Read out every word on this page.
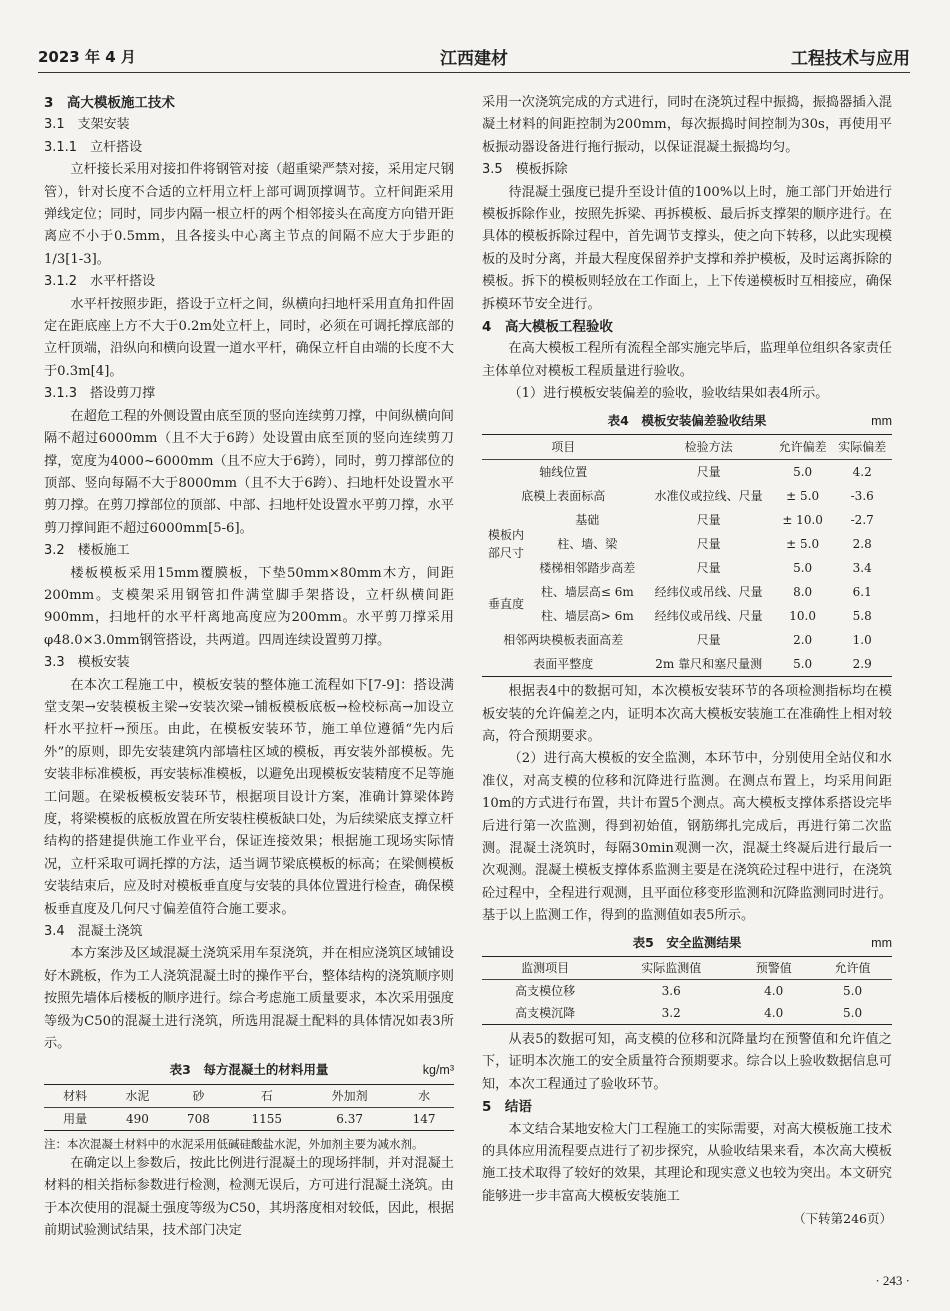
2023 年 4 月	江西建材	工程技术与应用
3　高大模板施工技术
3.1　支架安装
3.1.1　立杆搭设
立杆接长采用对接扣件将钢管对接（超重梁严禁对接，采用定尺钢管），针对长度不合适的立杆用立杆上部可调顶撑调节。立杆间距采用弹线定位；同时，同步内隔一根立杆的两个相邻接头在高度方向错开距离应不小于0.5mm，且各接头中心离主节点的间隔不应大于步距的1/3[1-3]。
3.1.2　水平杆搭设
水平杆按照步距，搭设于立杆之间，纵横向扫地杆采用直角扣件固定在距底座上方不大于0.2m处立杆上，同时，必须在可调托撑底部的立杆顶端，沿纵向和横向设置一道水平杆，确保立杆自由端的长度不大于0.3m[4]。
3.1.3　搭设剪刀撑
在超危工程的外侧设置由底至顶的竖向连续剪刀撑，中间纵横向间隔不超过6000mm（且不大于6跨）处设置由底至顶的竖向连续剪刀撑，宽度为4000~6000mm（且不应大于6跨），同时，剪刀撑部位的顶部、竖向每隔不大于8000mm（且不大于6跨）、扫地杆处设置水平剪刀撑。在剪刀撑部位的顶部、中部、扫地杆处设置水平剪刀撑，水平剪刀撑间距不超过6000mm[5-6]。
3.2　楼板施工
楼板模板采用15mm覆膜板，下垫50mm×80mm木方，间距200mm。支模架采用钢管扣件满堂脚手架搭设，立杆纵横间距900mm，扫地杆的水平杆离地高度应为200mm。水平剪刀撑采用φ48.0×3.0mm钢管搭设，共两道。四周连续设置剪刀撑。
3.3　模板安装
在本次工程施工中，模板安装的整体施工流程如下[7-9]：搭设满堂支架→安装模板主梁→安装次梁→铺板模板底板→检校标高→加设立杆水平拉杆→预压。由此，在模板安装环节，施工单位遵循“先内后外”的原则，即先安装建筑内部墙柱区域的模板，再安装外部模板。先安装非标准模板，再安装标准模板，以避免出现模板安装精度不足等施工问题。在梁板模板安装环节，根据项目设计方案，准确计算梁体跨度，将梁模板的底板放置在所安装柱模板缺口处，为后续梁底支撑立杆结构的搭建提供施工作业平台，保证连接效果；根据施工现场实际情况，立杆采取可调托撑的方法，适当调节梁底模板的标高；在梁侧模板安装结束后，应及时对模板垂直度与安装的具体位置进行检查，确保模板垂直度及几何尺寸偏差值符合施工要求。
3.4　混凝土浇筑
本方案涉及区域混凝土浇筑采用车泵浇筑，并在相应浇筑区域铺设好木跳板，作为工人浇筑混凝土时的操作平台，整体结构的浇筑顺序则按照先墙体后楼板的顺序进行。综合考虑施工质量要求，本次采用强度等级为C50的混凝土进行浇筑，所选用混凝土配料的具体情况如表3所示。
表3　每方混凝土的材料用量	kg/m³
材料	水泥	砂	石	外加剂	水
用量	490	708	1155	6.37	147
注：本次混凝土材料中的水泥采用低碱硅酸盐水泥，外加剂主要为减水剂。
在确定以上参数后，按此比例进行混凝土的现场拌制，并对混凝土材料的相关指标参数进行检测，检测无误后，方可进行混凝土浇筑。由于本次使用的混凝土强度等级为C50，其坍落度相对较低，因此，根据前期试验测试结果，技术部门决定
采用一次浇筑完成的方式进行，同时在浇筑过程中振捣，振捣器插入混凝土材料的间距控制为200mm，每次振捣时间控制为30s，再使用平板振动器设备进行拖行振动，以保证混凝土振捣均匀。
3.5　模板拆除
待混凝土强度已提升至设计值的100%以上时，施工部门开始进行模板拆除作业，按照先拆梁、再拆模板、最后拆支撑架的顺序进行。在具体的模板拆除过程中，首先调节支撑头，使之向下转移，以此实现模板的及时分离，并最大程度保留养护支撑和养护模板，及时运离拆除的模板。拆下的模板则轻放在工作面上，上下传递模板时互相接应，确保拆模环节安全进行。
4　高大模板工程验收
在高大模板工程所有流程全部实施完毕后，监理单位组织各家责任主体单位对模板工程质量进行验收。
（1）进行模板安装偏差的验收，验收结果如表4所示。
表4　模板安装偏差验收结果	mm
项目		检验方法	允许偏差	实际偏差
轴线位置		尺量	5.0	4.2
底模上表面标高		水准仪或拉线、尺量	± 5.0	-3.6
模板内部尺寸	基础	尺量	± 10.0	-2.7
	柱、墙、梁	尺量	± 5.0	2.8
	楼梯相邻踏步高差	尺量	5.0	3.4
垂直度	柱、墙层高≤ 6m	经纬仪或吊线、尺量	8.0	6.1
	柱、墙层高> 6m	经纬仪或吊线、尺量	10.0	5.8
相邻两块模板表面高差		尺量	2.0	1.0
表面平整度		2m 靠尺和塞尺量测	5.0	2.9
根据表4中的数据可知，本次模板安装环节的各项检测指标均在模板安装的允许偏差之内，证明本次高大模板安装施工在准确性上相对较高，符合预期要求。
（2）进行高大模板的安全监测，本环节中，分别使用全站仪和水准仪，对高支模的位移和沉降进行监测。在测点布置上，均采用间距10m的方式进行布置，共计布置5个测点。高大模板支撑体系搭设完毕后进行第一次监测，得到初始值，钢筋绑扎完成后，再进行第二次监测。混凝土浇筑时，每隔30min观测一次，混凝土终凝后进行最后一次观测。混凝土模板支撑体系监测主要是在浇筑砼过程中进行，在浇筑砼过程中，全程进行观测，且平面位移变形监测和沉降监测同时进行。基于以上监测工作，得到的监测值如表5所示。
表5　安全监测结果	mm
监测项目	实际监测值	预警值	允许值
高支模位移	3.6	4.0	5.0
高支模沉降	3.2	4.0	5.0
从表5的数据可知，高支模的位移和沉降量均在预警值和允许值之下，证明本次施工的安全质量符合预期要求。综合以上验收数据信息可知，本次工程通过了验收环节。
5　结语
本文结合某地安检大门工程施工的实际需要，对高大模板施工技术的具体应用流程要点进行了初步探究，从验收结果来看，本次高大模板施工技术取得了较好的效果，其理论和现实意义也较为突出。本文研究能够进一步丰富高大模板安装施工
（下转第246页）
· 243 ·
